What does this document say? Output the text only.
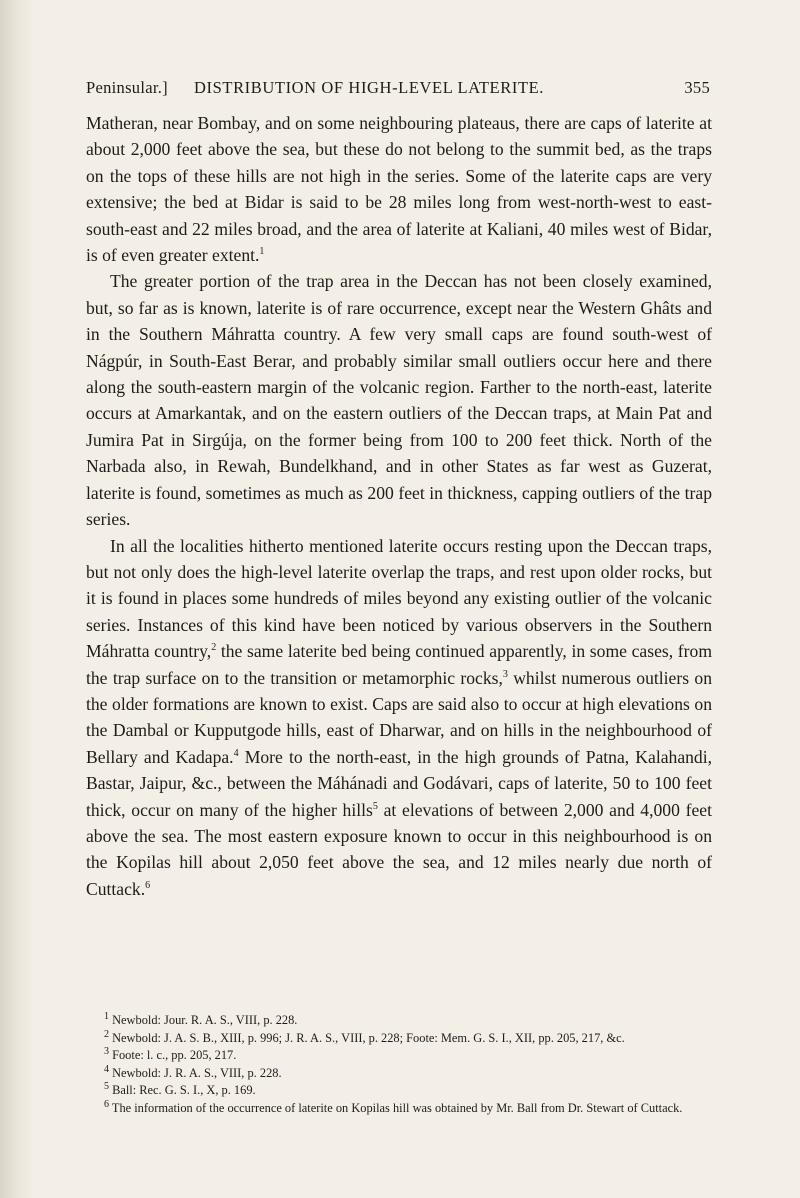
Peninsular.] DISTRIBUTION OF HIGH-LEVEL LATERITE.	355

Matheran, near Bombay, and on some neighbouring plateaus, there are caps of laterite at about 2,000 feet above the sea, but these do not belong to the summit bed, as the traps on the tops of these hills are not high in the series. Some of the laterite caps are very extensive; the bed at Bidar is said to be 28 miles long from west-north-west to east-south-east and 22 miles broad, and the area of laterite at Kaliani, 40 miles west of Bidar, is of even greater extent.$^1$

The greater portion of the trap area in the Deccan has not been closely examined, but, so far as is known, laterite is of rare occurrence, except near the Western Ghâts and in the Southern Máhratta country. A few very small caps are found south-west of Nágpúr, in South-East Berar, and probably similar small outliers occur here and there along the south-eastern margin of the volcanic region. Farther to the north-east, laterite occurs at Amarkantak, and on the eastern outliers of the Deccan traps, at Main Pat and Jumira Pat in Sirgúja, on the former being from 100 to 200 feet thick. North of the Narbada also, in Rewah, Bundelkhand, and in other States as far west as Guzerat, laterite is found, sometimes as much as 200 feet in thickness, capping outliers of the trap series.

In all the localities hitherto mentioned laterite occurs resting upon the Deccan traps, but not only does the high-level laterite overlap the traps, and rest upon older rocks, but it is found in places some hundreds of miles beyond any existing outlier of the volcanic series. Instances of this kind have been noticed by various observers in the Southern Máhratta country,$^2$ the same laterite bed being continued apparently, in some cases, from the trap surface on to the transition or metamorphic rocks,$^3$ whilst numerous outliers on the older formations are known to exist. Caps are said also to occur at high elevations on the Dambal or Kupputgode hills, east of Dharwar, and on hills in the neighbourhood of Bellary and Kadapa.$^4$ More to the north-east, in the high grounds of Patna, Kalahandi, Bastar, Jaipur, &c., between the Máhánadi and Godávari, caps of laterite, 50 to 100 feet thick, occur on many of the higher hills$^5$ at elevations of between 2,000 and 4,000 feet above the sea. The most eastern exposure known to occur in this neighbourhood is on the Kopilas hill about 2,050 feet above the sea, and 12 miles nearly due north of Cuttack.$^6$

$^1$ Newbold: Jour. R. A. S., VIII, p. 228.

$^2$ Newbold: J. A. S. B., XIII, p. 996; J. R. A. S., VIII, p. 228; Foote: Mem. G. S. I., XII, pp. 205, 217, &c.

$^3$ Foote: l. c., pp. 205, 217.

$^4$ Newbold: J. R. A. S., VIII, p. 228.

$^5$ Ball: Rec. G. S. I., X, p. 169.

$^6$ The information of the occurrence of laterite on Kopilas hill was obtained by Mr. Ball from Dr. Stewart of Cuttack.
